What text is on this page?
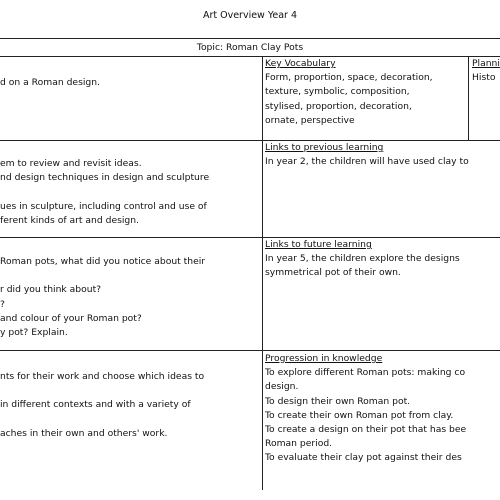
Art Overview Year 4
Topic: Roman Clay Pots
d on a Roman design.
Key Vocabulary
Form, proportion, space, decoration,
texture, symbolic, composition,
stylised, proportion, decoration,
ornate, perspective
Planni
Histo
em to review and revisit ideas.
nd design techniques in design and sculpture

ues in sculpture, including control and use of
ferent kinds of art and design.
Links to previous learning
In year 2, the children will have used clay to
Roman pots, what did you notice about their

r did you think about?
?
and colour of your Roman pot?
y pot? Explain.
Links to future learning
In year 5, the children explore the designs
symmetrical pot of their own.
nts for their work and choose which ideas to

in different contexts and with a variety of

aches in their own and others' work.
Progression in knowledge
To explore different Roman pots: making co
design.
To design their own Roman pot.
To create their own Roman pot from clay.
To create a design on their pot that has bee
Roman period.
To evaluate their clay pot against their des
